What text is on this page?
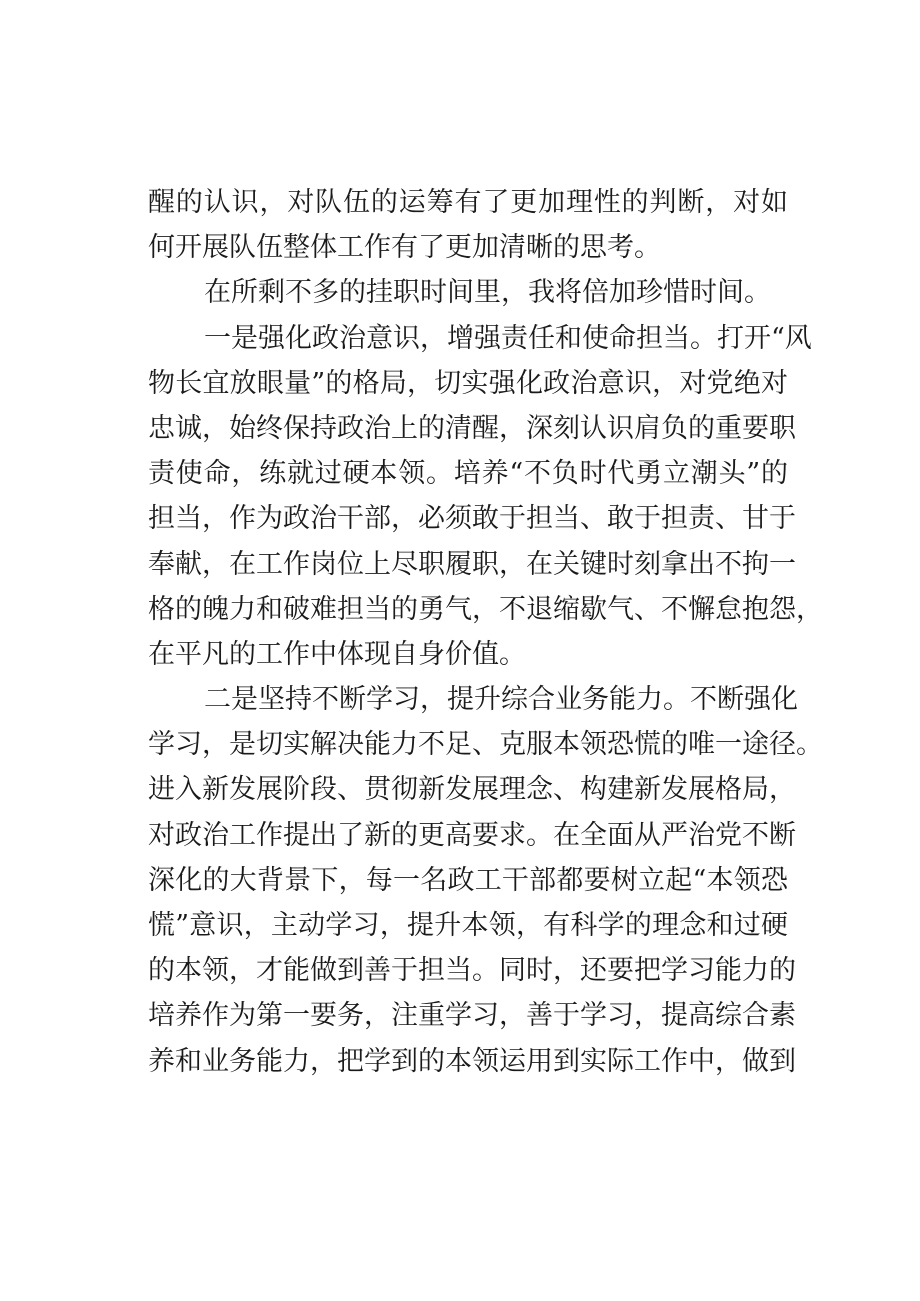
醒的认识，对队伍的运筹有了更加理性的判断，对如
何开展队伍整体工作有了更加清晰的思考。
在所剩不多的挂职时间里，我将倍加珍惜时间。
一是强化政治意识，增强责任和使命担当。打开“风
物长宜放眼量”的格局，切实强化政治意识，对党绝对
忠诚，始终保持政治上的清醒，深刻认识肩负的重要职
责使命，练就过硬本领。培养“不负时代勇立潮头”的
担当，作为政治干部，必须敢于担当、敢于担责、甘于
奉献，在工作岗位上尽职履职，在关键时刻拿出不拘一
格的魄力和破难担当的勇气，不退缩歇气、不懈怠抱怨，
在平凡的工作中体现自身价值。
二是坚持不断学习，提升综合业务能力。不断强化
学习，是切实解决能力不足、克服本领恐慌的唯一途径。
进入新发展阶段、贯彻新发展理念、构建新发展格局，
对政治工作提出了新的更高要求。在全面从严治党不断
深化的大背景下，每一名政工干部都要树立起“本领恐
慌”意识，主动学习，提升本领，有科学的理念和过硬
的本领，才能做到善于担当。同时，还要把学习能力的
培养作为第一要务，注重学习，善于学习，提高综合素
养和业务能力，把学到的本领运用到实际工作中，做到
